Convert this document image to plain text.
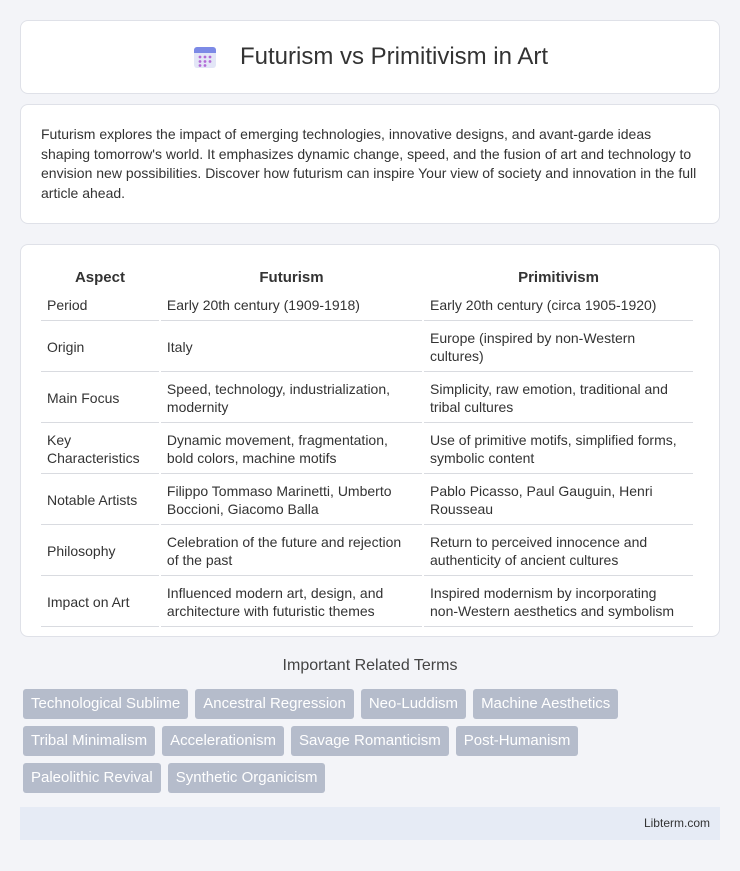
Futurism vs Primitivism in Art

Futurism explores the impact of emerging technologies, innovative designs, and avant-garde ideas shaping tomorrow's world. It emphasizes dynamic change, speed, and the fusion of art and technology to envision new possibilities. Discover how futurism can inspire Your view of society and innovation in the full article ahead.

Aspect	Futurism	Primitivism
Period	Early 20th century (1909-1918)	Early 20th century (circa 1905-1920)
Origin	Italy	Europe (inspired by non-Western cultures)
Main Focus	Speed, technology, industrialization, modernity	Simplicity, raw emotion, traditional and tribal cultures
Key Characteristics	Dynamic movement, fragmentation, bold colors, machine motifs	Use of primitive motifs, simplified forms, symbolic content
Notable Artists	Filippo Tommaso Marinetti, Umberto Boccioni, Giacomo Balla	Pablo Picasso, Paul Gauguin, Henri Rousseau
Philosophy	Celebration of the future and rejection of the past	Return to perceived innocence and authenticity of ancient cultures
Impact on Art	Influenced modern art, design, and architecture with futuristic themes	Inspired modernism by incorporating non-Western aesthetics and symbolism
Important Related Terms
Technological Sublime	Ancestral Regression	Neo-Luddism	Machine Aesthetics
Tribal Minimalism	Accelerationism	Savage Romanticism	Post-Humanism
Paleolithic Revival	Synthetic Organicism
Libterm.com
